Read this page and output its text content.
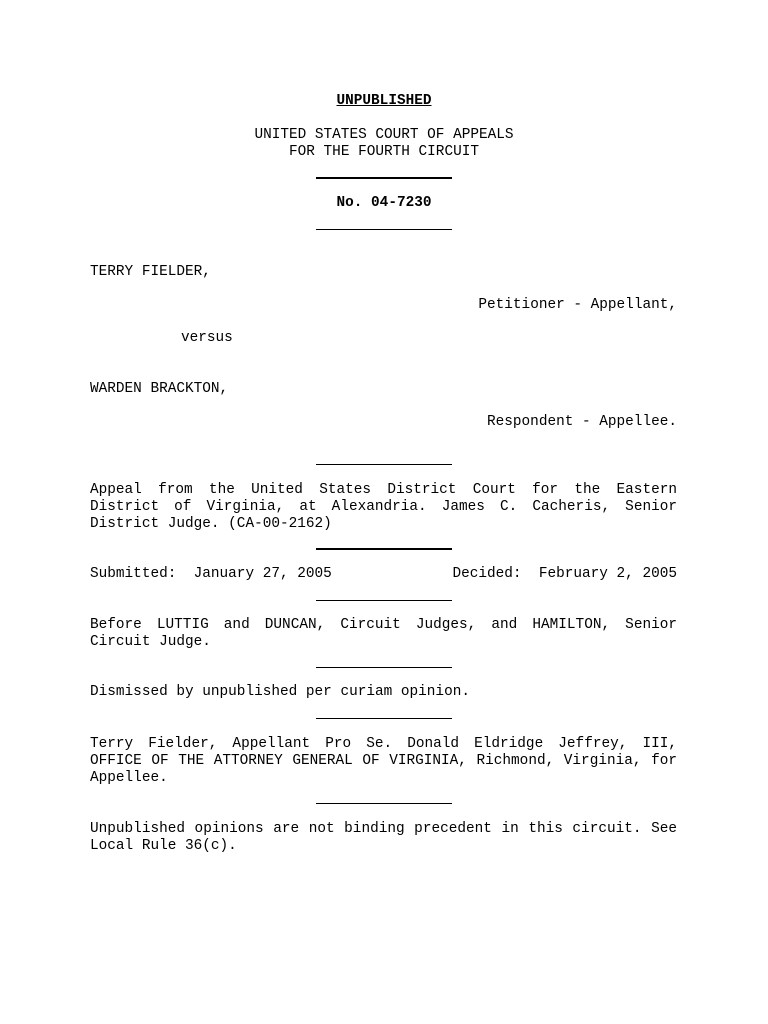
UNPUBLISHED
UNITED STATES COURT OF APPEALS
FOR THE FOURTH CIRCUIT
No. 04-7230
TERRY FIELDER,
Petitioner - Appellant,
versus
WARDEN BRACKTON,
Respondent - Appellee.

Appeal from the United States District Court for the Eastern District of Virginia, at Alexandria. James C. Cacheris, Senior District Judge. (CA-00-2162)

Submitted:  January 27, 2005	Decided:  February 2, 2005

Before LUTTIG and DUNCAN, Circuit Judges, and HAMILTON, Senior Circuit Judge.

Dismissed by unpublished per curiam opinion.

Terry Fielder, Appellant Pro Se. Donald Eldridge Jeffrey, III, OFFICE OF THE ATTORNEY GENERAL OF VIRGINIA, Richmond, Virginia, for Appellee.

Unpublished opinions are not binding precedent in this circuit. See Local Rule 36(c).
